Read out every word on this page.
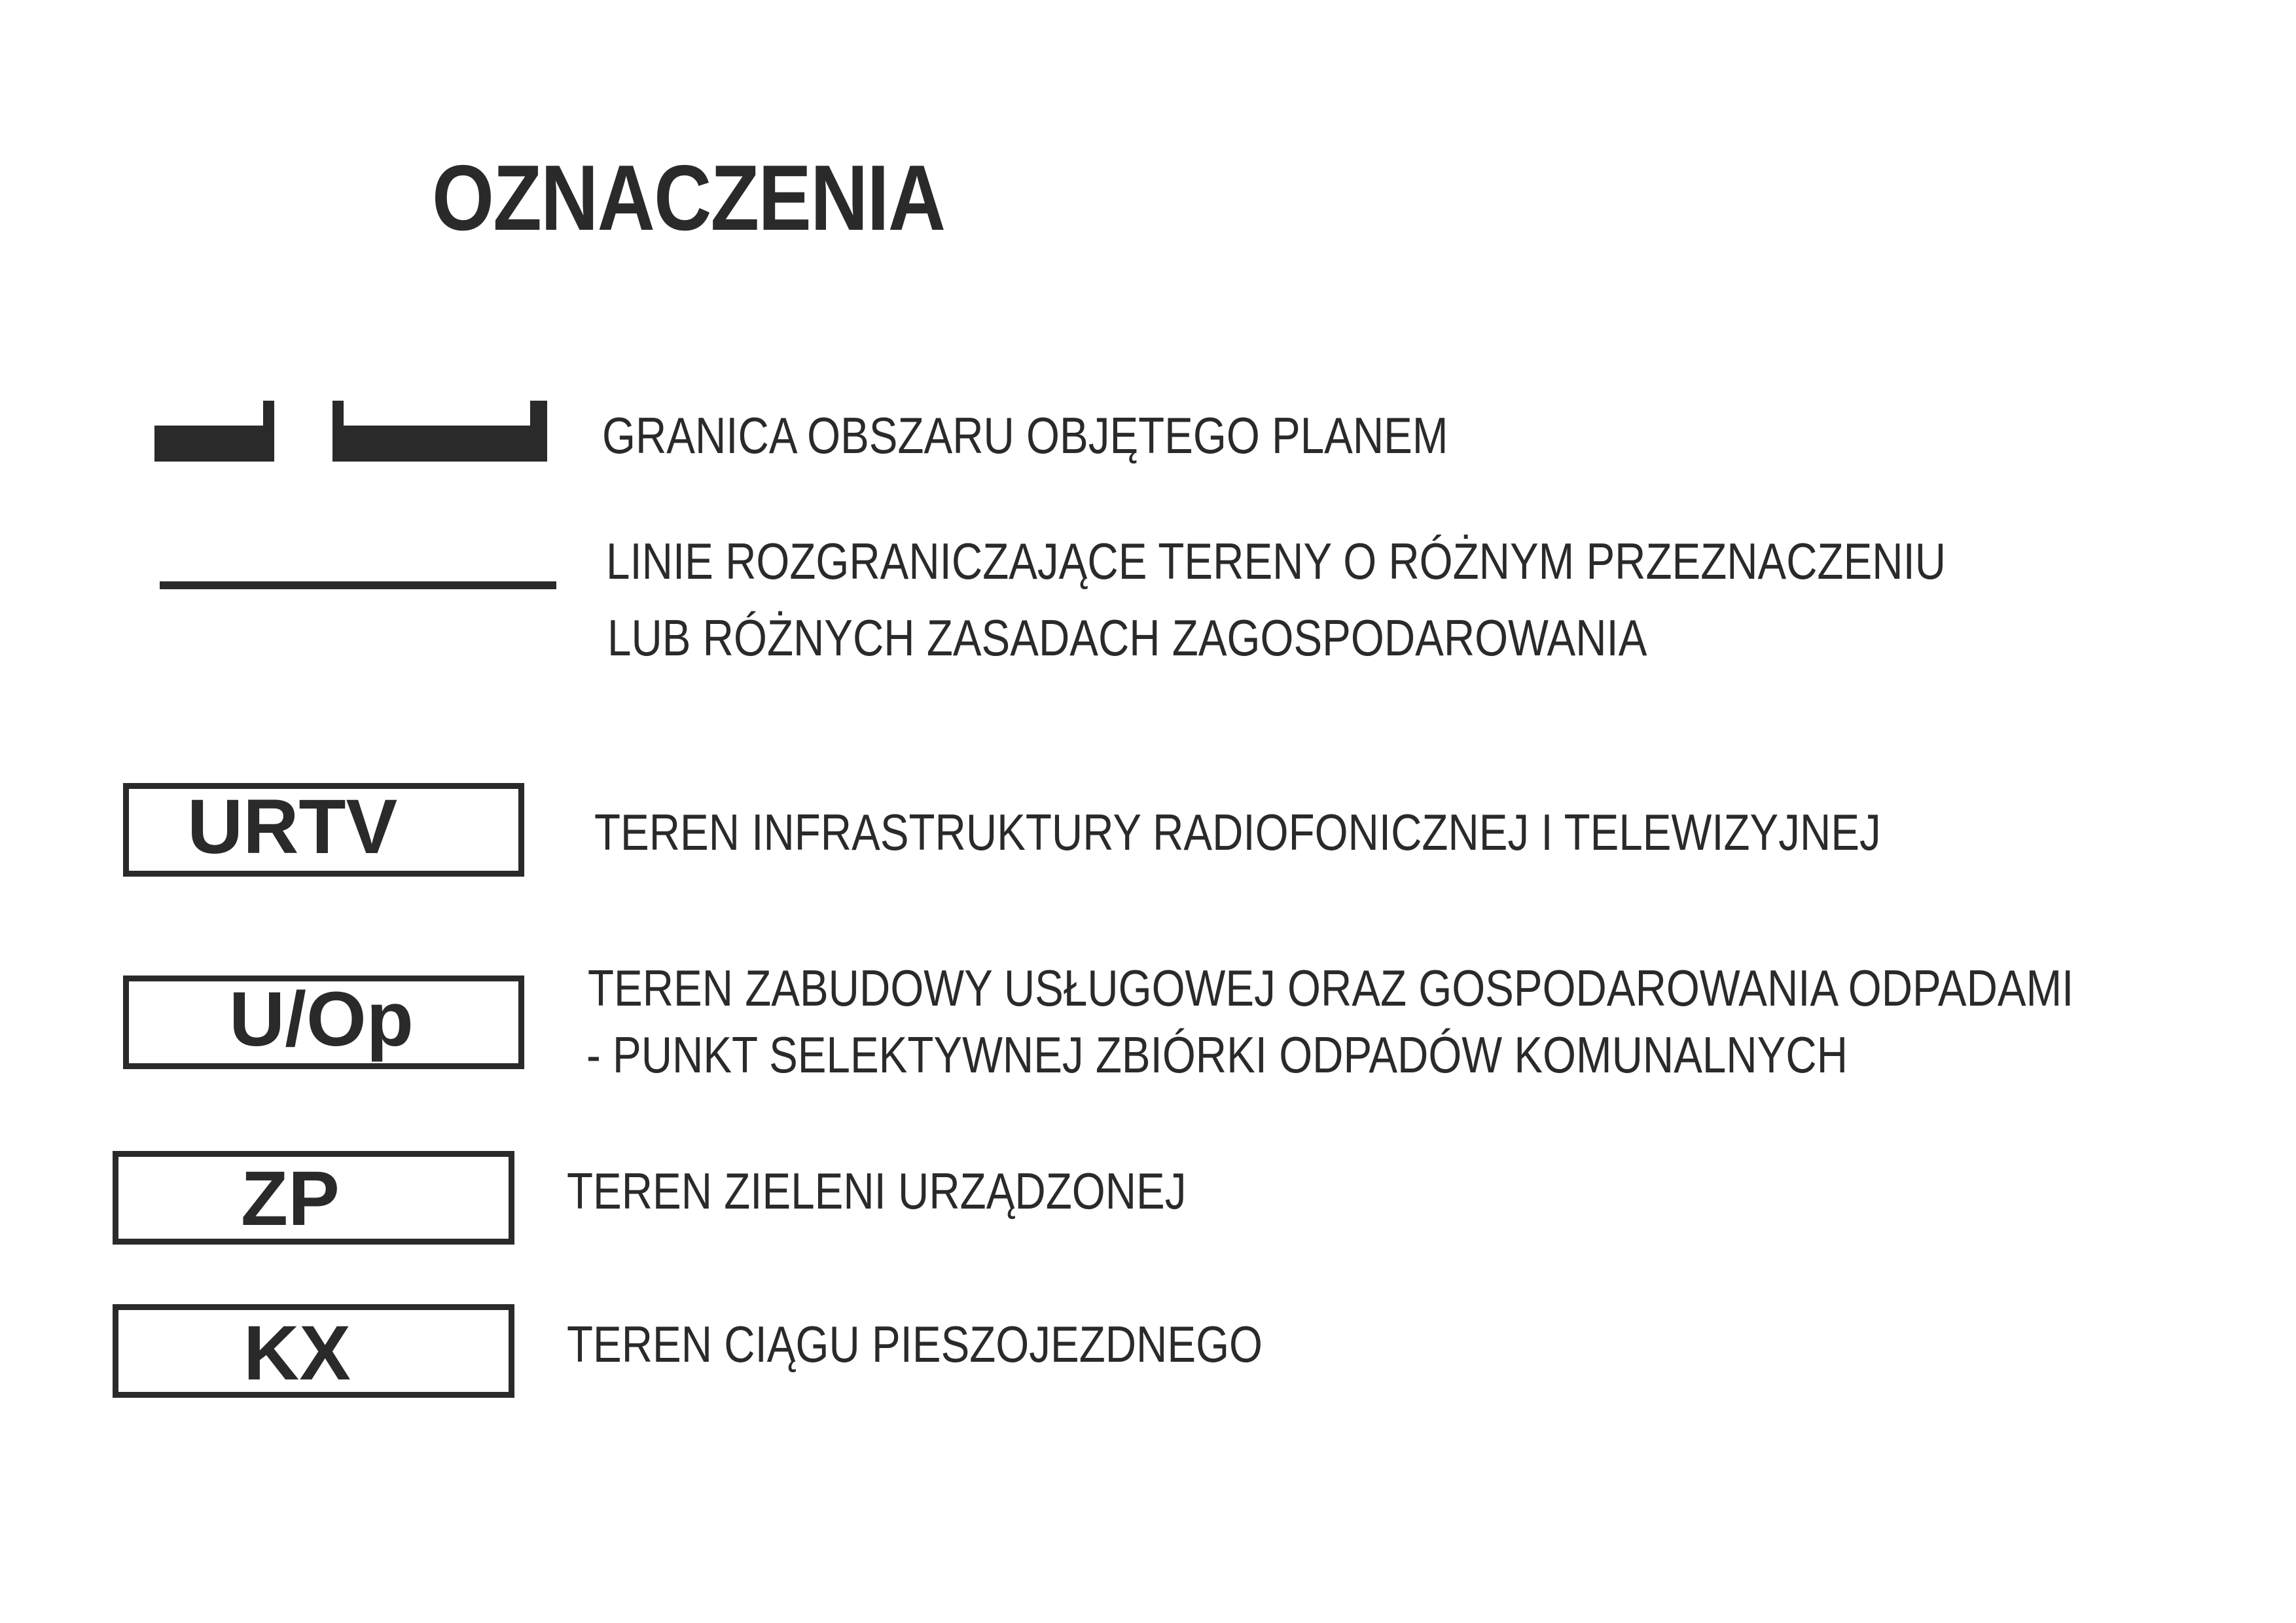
OZNACZENIA
GRANICA OBSZARU OBJĘTEGO PLANEM
LINIE ROZGRANICZAJĄCE TERENY O RÓŻNYM PRZEZNACZENIU
LUB RÓŻNYCH ZASADACH ZAGOSPODAROWANIA
URTV	TEREN INFRASTRUKTURY RADIOFONICZNEJ I TELEWIZYJNEJ
U/Op	TEREN ZABUDOWY USŁUGOWEJ ORAZ GOSPODAROWANIA ODPADAMI
- PUNKT SELEKTYWNEJ ZBIÓRKI ODPADÓW KOMUNALNYCH
ZP	TEREN ZIELENI URZĄDZONEJ
KX	TEREN CIĄGU PIESZOJEZDNEGO
